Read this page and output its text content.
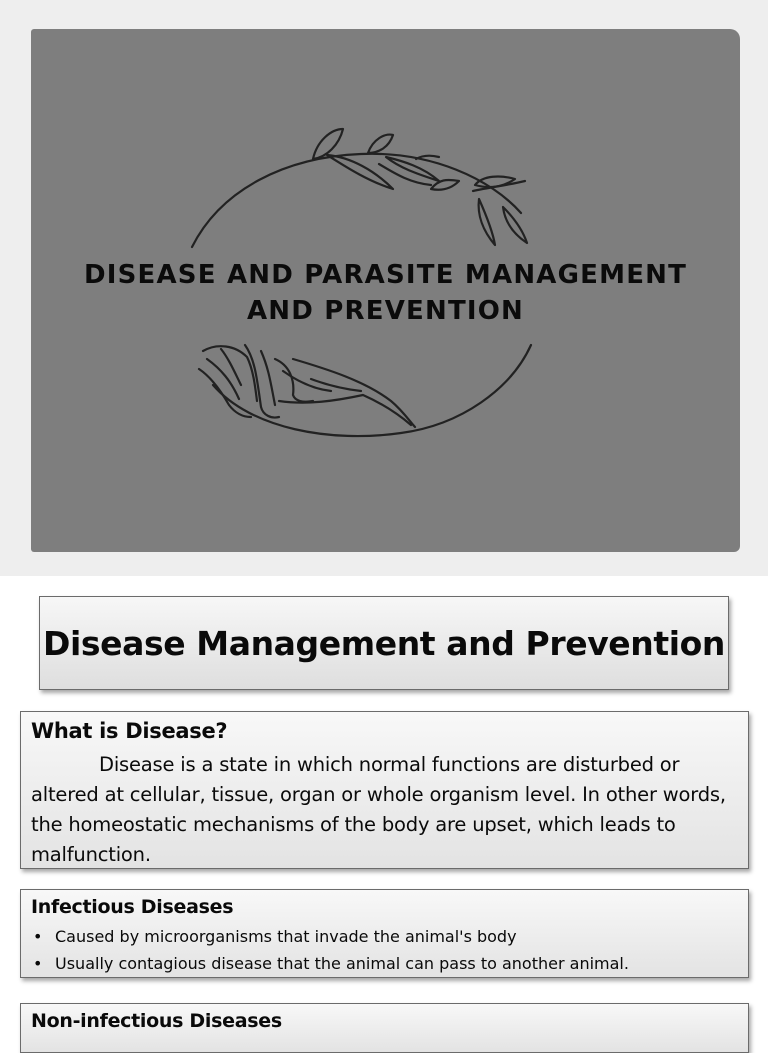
DISEASE AND PARASITE MANAGEMENT
AND PREVENTION
Disease Management and Prevention

What is Disease?

Disease is a state in which normal functions are disturbed or altered at cellular, tissue, organ or whole organism level. In other words, the homeostatic mechanisms of the body are upset, which leads to malfunction.

Infectious Diseases

• Caused by microorganisms that invade the animal's body
• Usually contagious disease that the animal can pass to another animal.

Non-infectious Diseases
